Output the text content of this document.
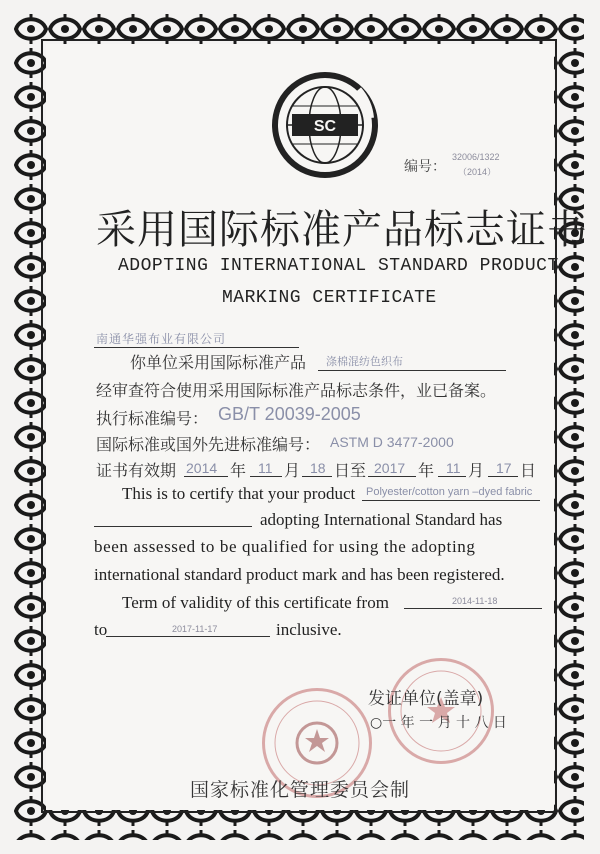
SC
编号：
32006/1322
（2014）
采用国际标准产品标志证书
ADOPTING INTERNATIONAL STANDARD PRODUCT
MARKING CERTIFICATE
南通华强布业有限公司
你单位采用国际标准产品 涤棉混纺色织布
经审查符合使用采用国际标准产品标志条件，业已备案。
执行标准编号： GB/T 20039-2005
国际标准或国外先进标准编号： ASTM D 3477-2000
证书有效期 2014 年 11 月 18 日至 2017 年 11 月 17 日
This is to certify that your product Polyester/cotton yarn –dyed fabric
adopting International Standard has
been assessed to be qualified for using the adopting
international standard product mark and has been registered.
Term of validity of this certificate from	2014-11-18
to	2017-11-17	inclusive.
发证单位(盖章)
○一 年 一 月 十 八 日
国家标准化管理委员会制
